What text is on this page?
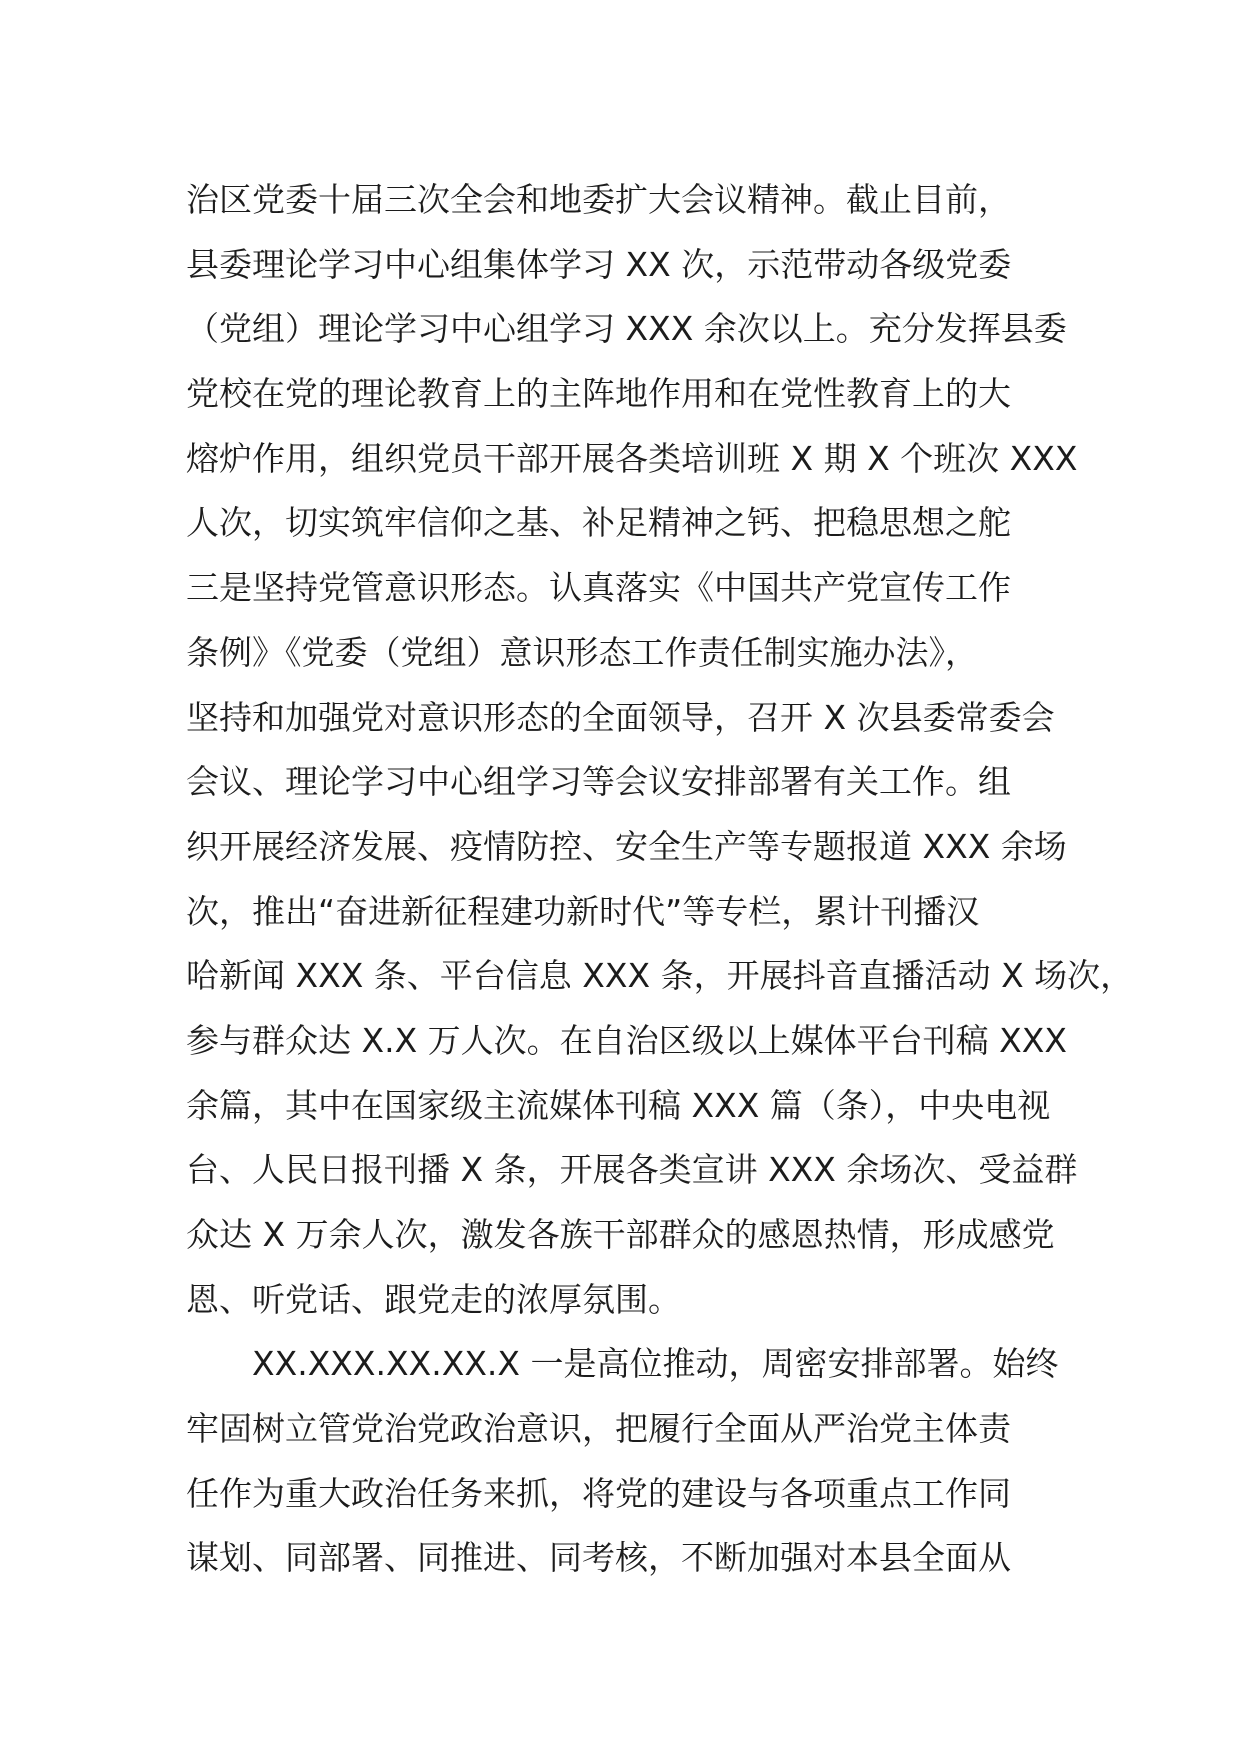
治区党委十届三次全会和地委扩大会议精神。截止目前，
县委理论学习中心组集体学习 XX 次，示范带动各级党委
（党组）理论学习中心组学习 XXX 余次以上。充分发挥县委
党校在党的理论教育上的主阵地作用和在党性教育上的大
熔炉作用，组织党员干部开展各类培训班 X 期 X 个班次 XXX
人次，切实筑牢信仰之基、补足精神之钙、把稳思想之舵
三是坚持党管意识形态。认真落实《中国共产党宣传工作
条例》《党委（党组）意识形态工作责任制实施办法》，
坚持和加强党对意识形态的全面领导，召开 X 次县委常委会
会议、理论学习中心组学习等会议安排部署有关工作。组
织开展经济发展、疫情防控、安全生产等专题报道 XXX 余场
次，推出“奋进新征程建功新时代”等专栏，累计刊播汉
哈新闻 XXX 条、平台信息 XXX 条，开展抖音直播活动 X 场次，
参与群众达 X.X 万人次。在自治区级以上媒体平台刊稿 XXX
余篇，其中在国家级主流媒体刊稿 XXX 篇（条），中央电视
台、人民日报刊播 X 条，开展各类宣讲 XXX 余场次、受益群
众达 X 万余人次，激发各族干部群众的感恩热情，形成感党
恩、听党话、跟党走的浓厚氛围。
XX.XXX.XX.XX.X 一是高位推动，周密安排部署。始终
牢固树立管党治党政治意识，把履行全面从严治党主体责
任作为重大政治任务来抓，将党的建设与各项重点工作同
谋划、同部署、同推进、同考核，不断加强对本县全面从
